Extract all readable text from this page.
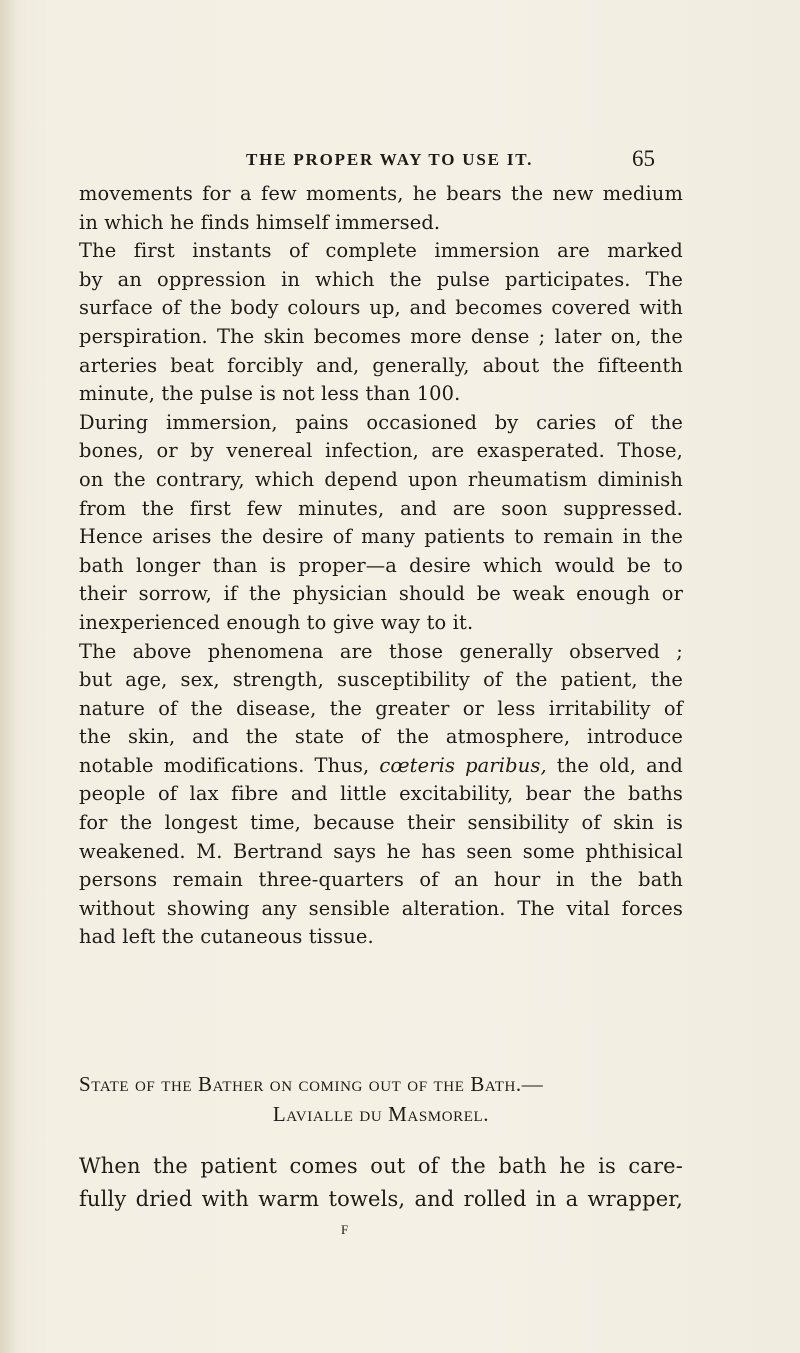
THE PROPER WAY TO USE IT.	65
movements for a few moments, he bears the new medium
in which he finds himself immersed.
The first instants of complete immersion are marked
by an oppression in which the pulse participates. The
surface of the body colours up, and becomes covered with
perspiration. The skin becomes more dense ; later on, the
arteries beat forcibly and, generally, about the fifteenth
minute, the pulse is not less than 100.
During immersion, pains occasioned by caries of the
bones, or by venereal infection, are exasperated. Those,
on the contrary, which depend upon rheumatism diminish
from the first few minutes, and are soon suppressed.
Hence arises the desire of many patients to remain in the
bath longer than is proper—a desire which would be to
their sorrow, if the physician should be weak enough or
inexperienced enough to give way to it.
The above phenomena are those generally observed ;
but age, sex, strength, susceptibility of the patient, the
nature of the disease, the greater or less irritability of
the skin, and the state of the atmosphere, introduce
notable modifications. Thus, cœteris paribus, the old, and
people of lax fibre and little excitability, bear the baths
for the longest time, because their sensibility of skin is
weakened. M. Bertrand says he has seen some phthisical
persons remain three-quarters of an hour in the bath
without showing any sensible alteration. The vital forces
had left the cutaneous tissue.
State of the Bather on coming out of the Bath.—
Lavialle du Masmorel.
When the patient comes out of the bath he is care-
fully dried with warm towels, and rolled in a wrapper,
F
